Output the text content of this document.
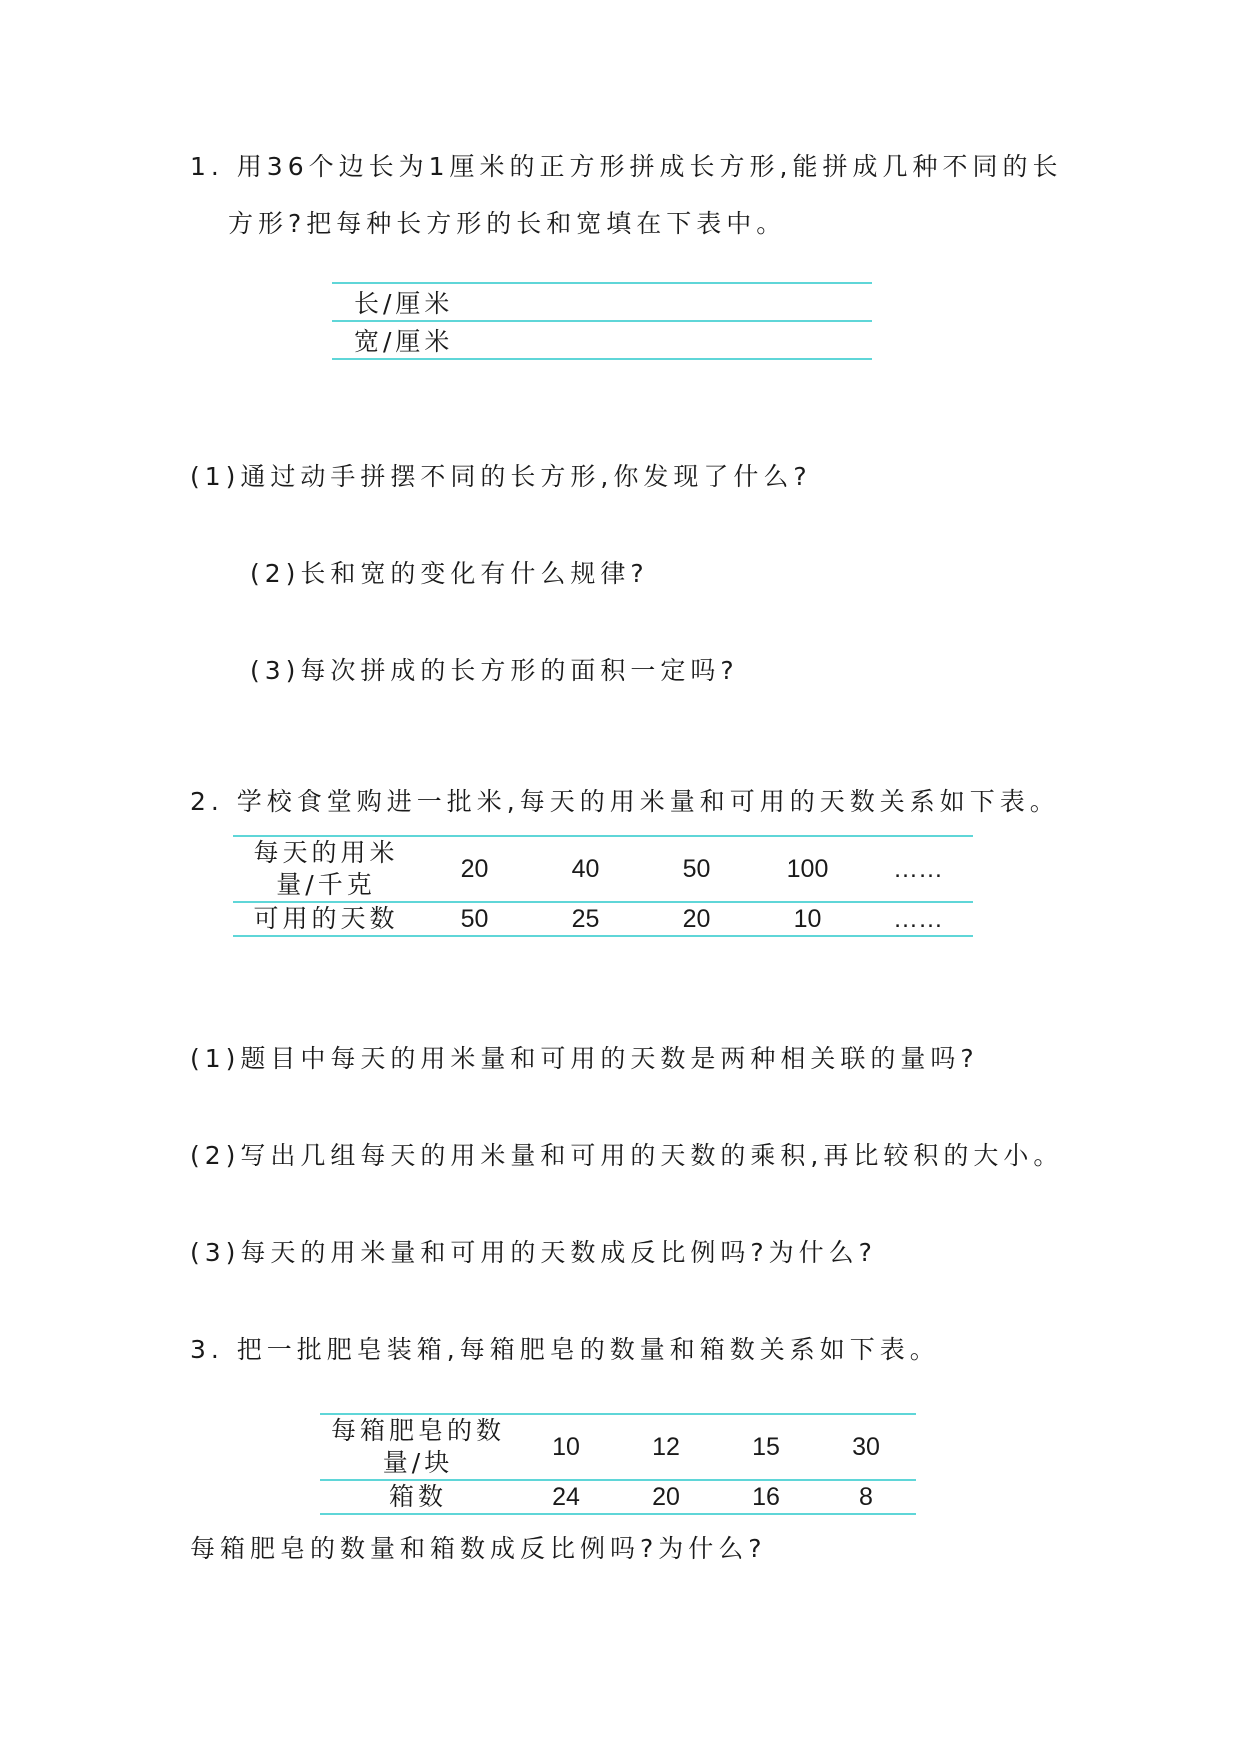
1. 用36个边长为1厘米的正方形拼成长方形,能拼成几种不同的长
方形?把每种长方形的长和宽填在下表中。
长/厘米
宽/厘米
(1)通过动手拼摆不同的长方形,你发现了什么?
(2)长和宽的变化有什么规律?
(3)每次拼成的长方形的面积一定吗?
2. 学校食堂购进一批米,每天的用米量和可用的天数关系如下表。
每天的用米
量/千克	20	40	50	100	……
可用的天数	50	25	20	10	……
(1)题目中每天的用米量和可用的天数是两种相关联的量吗?
(2)写出几组每天的用米量和可用的天数的乘积,再比较积的大小。
(3)每天的用米量和可用的天数成反比例吗?为什么?
3. 把一批肥皂装箱,每箱肥皂的数量和箱数关系如下表。
每箱肥皂的数
量/块	10	12	15	30
箱数	24	20	16	8
每箱肥皂的数量和箱数成反比例吗?为什么?
